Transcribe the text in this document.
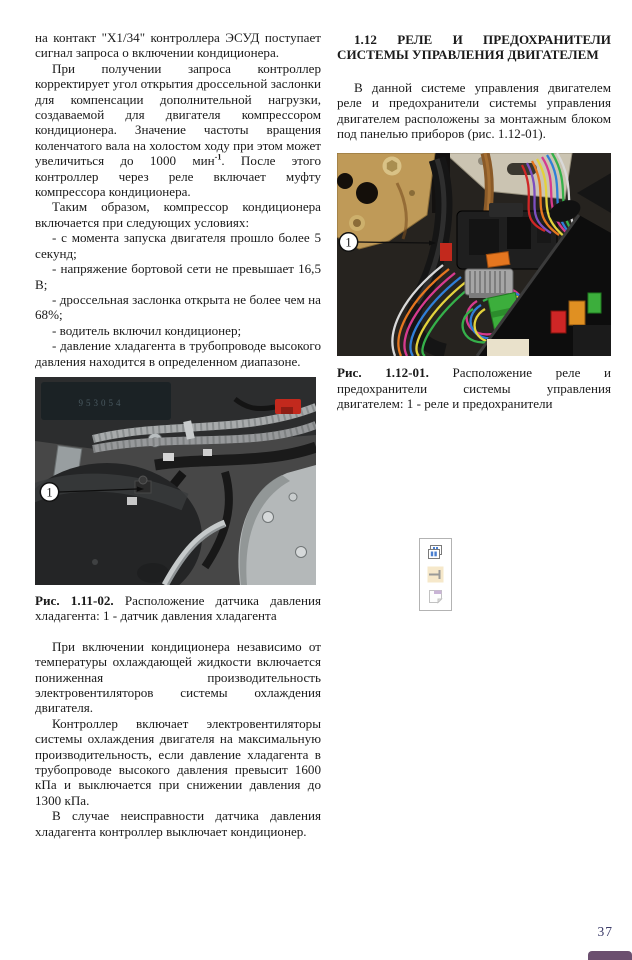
на контакт "X1/34" контроллера ЭСУД поступает сигнал запроса о включении кондиционера.

При получении запроса контроллер корректирует угол открытия дроссельной заслонки для компенсации дополнительной нагрузки, создаваемой для двигателя компрессором кондиционера. Значение частоты вращения коленчатого вала на холостом ходу при этом может увеличиться до 1000 мин$^{-1}$. После этого контроллер через реле включает муфту компрессора кондиционера.

Таким образом, компрессор кондиционера включается при следующих условиях:

- с момента запуска двигателя прошло более 5 секунд;

- напряжение бортовой сети не превышает 16,5 В;

- дроссельная заслонка открыта не более чем на 68%;

- водитель включил кондиционер;

- давление хладагента в трубопроводе высокого давления находится в определенном диапазоне.

953054
1
Рис. 1.11-02. Расположение датчика давления хладагента: 1 - датчик давления хладагента

При включении кондиционера независимо от температуры охлаждающей жидкости включается пониженная производительность электровентиляторов системы охлаждения двигателя.

Контроллер включает электровентиляторы системы охлаждения двигателя на максимальную производительность, если давление хладагента в трубопроводе высокого давления превысит 1600 кПа и выключается при снижении давления до 1300 кПа.

В случае неисправности датчика давления хладагента контроллер выключает кондиционер.

1.12 РЕЛЕ И ПРЕДОХРАНИТЕЛИ СИСТЕМЫ УПРАВЛЕНИЯ ДВИГАТЕЛЕМ

В данной системе управления двигателем реле и предохранители системы управления двигателем расположены за монтажным блоком под панелью приборов (рис. 1.12-01).

1
Рис. 1.12-01. Расположение реле и предохранители системы управления двигателем: 1 - реле и предохранители
37
